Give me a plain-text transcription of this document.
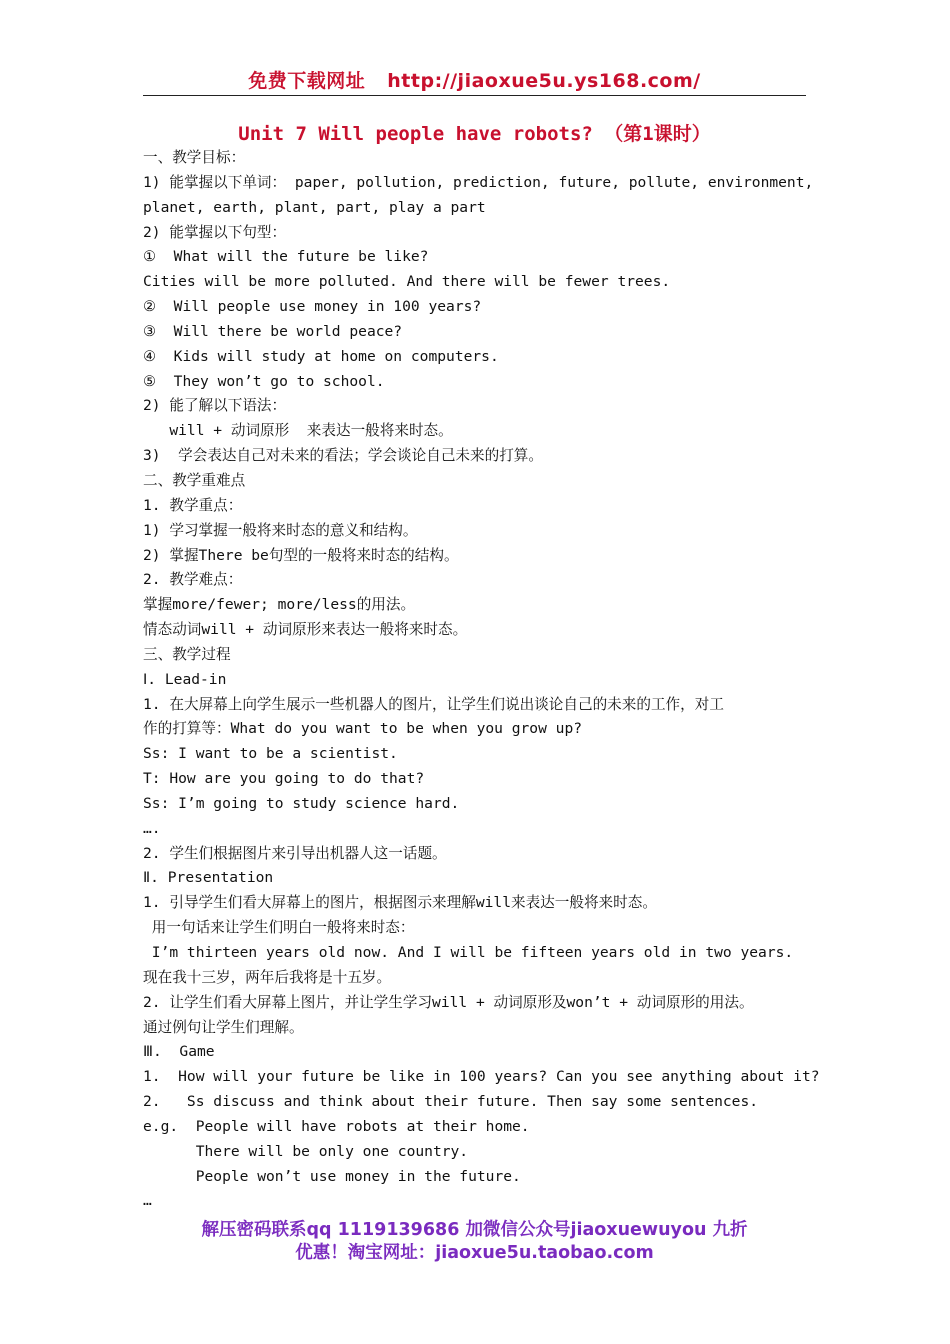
免费下载网址 http://jiaoxue5u.ys168.com/
Unit 7 Will people have robots? （第1课时）
一、教学目标：
1) 能掌握以下单词： paper, pollution, prediction, future, pollute, environment,
planet, earth, plant, part, play a part
2) 能掌握以下句型：
①  What will the future be like?
Cities will be more polluted. And there will be fewer trees.
②  Will people use money in 100 years?
③  Will there be world peace?
④  Kids will study at home on computers.
⑤  They won’t go to school.
2) 能了解以下语法：
will + 动词原形  来表达一般将来时态。
3)  学会表达自己对未来的看法；学会谈论自己未来的打算。
二、教学重难点
1. 教学重点：
1) 学习掌握一般将来时态的意义和结构。
2) 掌握There be句型的一般将来时态的结构。
2. 教学难点：
掌握more/fewer; more/less的用法。
情态动词will + 动词原形来表达一般将来时态。
三、教学过程
Ⅰ. Lead-in
1. 在大屏幕上向学生展示一些机器人的图片，让学生们说出谈论自己的未来的工作，对工
作的打算等：What do you want to be when you grow up?
Ss: I want to be a scientist.
T: How are you going to do that?
Ss: I’m going to study science hard.
….
2. 学生们根据图片来引导出机器人这一话题。
Ⅱ. Presentation
1. 引导学生们看大屏幕上的图片，根据图示来理解will来表达一般将来时态。
用一句话来让学生们明白一般将来时态：
I’m thirteen years old now. And I will be fifteen years old in two years.
现在我十三岁，两年后我将是十五岁。
2. 让学生们看大屏幕上图片，并让学生学习will + 动词原形及won’t + 动词原形的用法。
通过例句让学生们理解。
Ⅲ.  Game
1.  How will your future be like in 100 years? Can you see anything about it?
2.   Ss discuss and think about their future. Then say some sentences.
e.g.  People will have robots at their home.
There will be only one country.
People won’t use money in the future.
…
解压密码联系qq 1119139686 加微信公众号jiaoxuewuyou 九折
优惠！淘宝网址：jiaoxue5u.taobao.com
